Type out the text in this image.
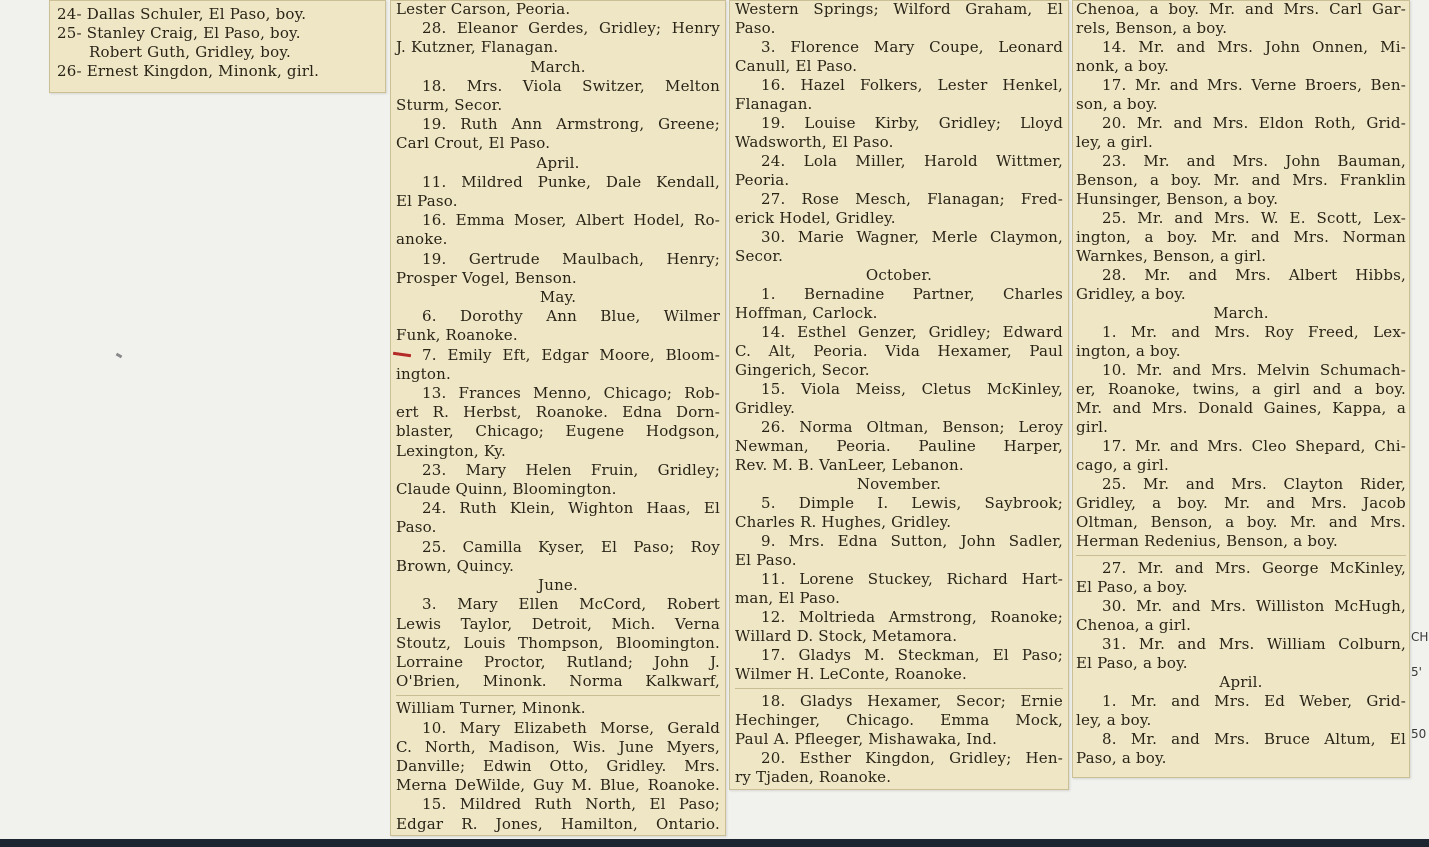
24- Dallas Schuler, El Paso, boy.

25- Stanley Craig, El Paso, boy.

Robert Guth, Gridley, boy.

26- Ernest Kingdon, Minonk, girl.

Lester Carson, Peoria.

28. Eleanor Gerdes, Gridley; Henry

J. Kutzner, Flanagan.

March.

18. Mrs. Viola Switzer, Melton

Sturm, Secor.

19. Ruth Ann Armstrong, Greene;

Carl Crout, El Paso.

April.

11. Mildred Punke, Dale Kendall,

El Paso.

16. Emma Moser, Albert Hodel, Ro-

anoke.

19. Gertrude Maulbach, Henry;

Prosper Vogel, Benson.

May.

6. Dorothy Ann Blue, Wilmer

Funk, Roanoke.

7. Emily Eft, Edgar Moore, Bloom-

ington.

13. Frances Menno, Chicago; Rob-

ert R. Herbst, Roanoke. Edna Dorn-

blaster, Chicago; Eugene Hodgson,

Lexington, Ky.

23. Mary Helen Fruin, Gridley;

Claude Quinn, Bloomington.

24. Ruth Klein, Wighton Haas, El

Paso.

25. Camilla Kyser, El Paso; Roy

Brown, Quincy.

June.

3. Mary Ellen McCord, Robert

Lewis Taylor, Detroit, Mich. Verna

Stoutz, Louis Thompson, Bloomington.

Lorraine Proctor, Rutland; John J.

O'Brien, Minonk. Norma Kalkwarf,

William Turner, Minonk.

10. Mary Elizabeth Morse, Gerald

C. North, Madison, Wis. June Myers,

Danville; Edwin Otto, Gridley. Mrs.

Merna DeWilde, Guy M. Blue, Roanoke.

15. Mildred Ruth North, El Paso;

Edgar R. Jones, Hamilton, Ontario.

Western Springs; Wilford Graham, El

Paso.

3. Florence Mary Coupe, Leonard

Canull, El Paso.

16. Hazel Folkers, Lester Henkel,

Flanagan.

19. Louise Kirby, Gridley; Lloyd

Wadsworth, El Paso.

24. Lola Miller, Harold Wittmer,

Peoria.

27. Rose Mesch, Flanagan; Fred-

erick Hodel, Gridley.

30. Marie Wagner, Merle Claymon,

Secor.

October.

1. Bernadine Partner, Charles

Hoffman, Carlock.

14. Esthel Genzer, Gridley; Edward

C. Alt, Peoria. Vida Hexamer, Paul

Gingerich, Secor.

15. Viola Meiss, Cletus McKinley,

Gridley.

26. Norma Oltman, Benson; Leroy

Newman, Peoria. Pauline Harper,

Rev. M. B. VanLeer, Lebanon.

November.

5. Dimple I. Lewis, Saybrook;

Charles R. Hughes, Gridley.

9. Mrs. Edna Sutton, John Sadler,

El Paso.

11. Lorene Stuckey, Richard Hart-

man, El Paso.

12. Moltrieda Armstrong, Roanoke;

Willard D. Stock, Metamora.

17. Gladys M. Steckman, El Paso;

Wilmer H. LeConte, Roanoke.

18. Gladys Hexamer, Secor; Ernie

Hechinger, Chicago. Emma Mock,

Paul A. Pfleeger, Mishawaka, Ind.

20. Esther Kingdon, Gridley; Hen-

ry Tjaden, Roanoke.

Chenoa, a boy. Mr. and Mrs. Carl Gar-

rels, Benson, a boy.

14. Mr. and Mrs. John Onnen, Mi-

nonk, a boy.

17. Mr. and Mrs. Verne Broers, Ben-

son, a boy.

20. Mr. and Mrs. Eldon Roth, Grid-

ley, a girl.

23. Mr. and Mrs. John Bauman,

Benson, a boy. Mr. and Mrs. Franklin

Hunsinger, Benson, a boy.

25. Mr. and Mrs. W. E. Scott, Lex-

ington, a boy. Mr. and Mrs. Norman

Warnkes, Benson, a girl.

28. Mr. and Mrs. Albert Hibbs,

Gridley, a boy.

March.

1. Mr. and Mrs. Roy Freed, Lex-

ington, a boy.

10. Mr. and Mrs. Melvin Schumach-

er, Roanoke, twins, a girl and a boy.

Mr. and Mrs. Donald Gaines, Kappa, a

girl.

17. Mr. and Mrs. Cleo Shepard, Chi-

cago, a girl.

25. Mr. and Mrs. Clayton Rider,

Gridley, a boy. Mr. and Mrs. Jacob

Oltman, Benson, a boy. Mr. and Mrs.

Herman Redenius, Benson, a boy.

27. Mr. and Mrs. George McKinley,

El Paso, a boy.

30. Mr. and Mrs. Williston McHugh,

Chenoa, a girl.

31. Mr. and Mrs. William Colburn,

El Paso, a boy.

April.

1. Mr. and Mrs. Ed Weber, Grid-

ley, a boy.

8. Mr. and Mrs. Bruce Altum, El

Paso, a boy.

CH
5'
50
